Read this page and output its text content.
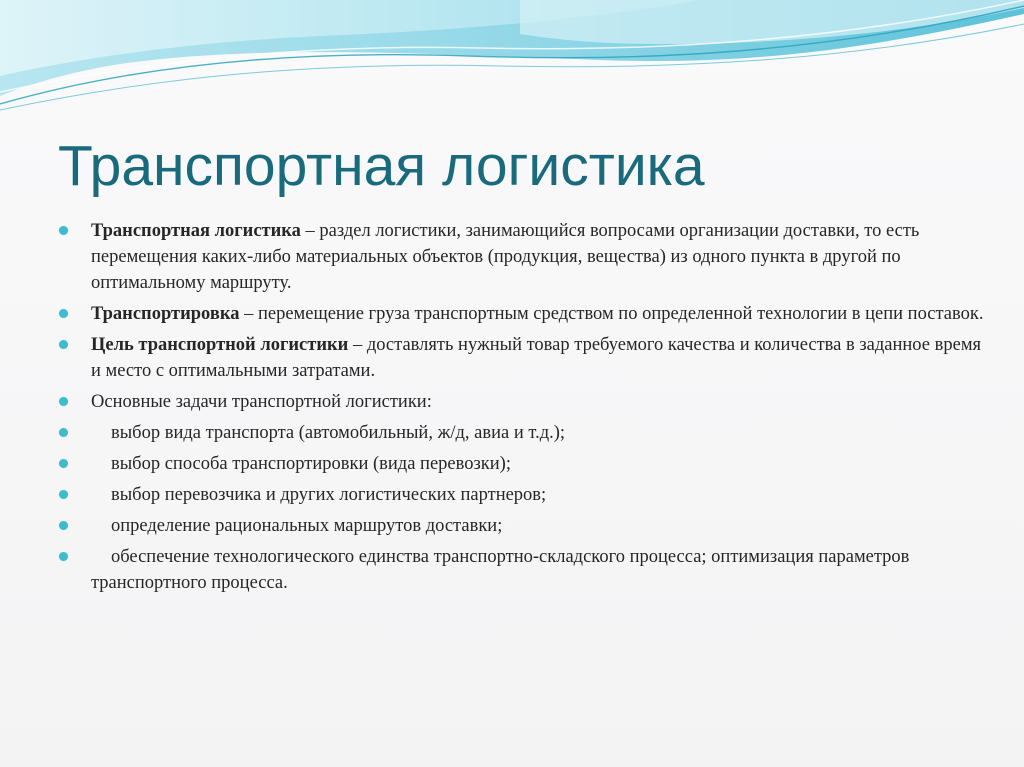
Транспортная логистика
Транспортная логистика – раздел логистики, занимающийся вопросами организации доставки, то есть перемещения каких-либо материальных объектов (продукция, вещества) из одного пункта в другой по оптимальному маршруту.
Транспортировка – перемещение груза транспортным средством по определенной технологии в цепи поставок.
Цель транспортной логистики – доставлять нужный товар требуемого качества и количества в заданное время и место с оптимальными затратами.
Основные задачи транспортной логистики:
выбор вида транспорта (автомобильный, ж/д, авиа и т.д.);
выбор способа транспортировки (вида перевозки);
выбор перевозчика и других логистических партнеров;
определение рациональных маршрутов доставки;
обеспечение технологического единства транспортно-складского процесса; оптимизация параметров транспортного процесса.
